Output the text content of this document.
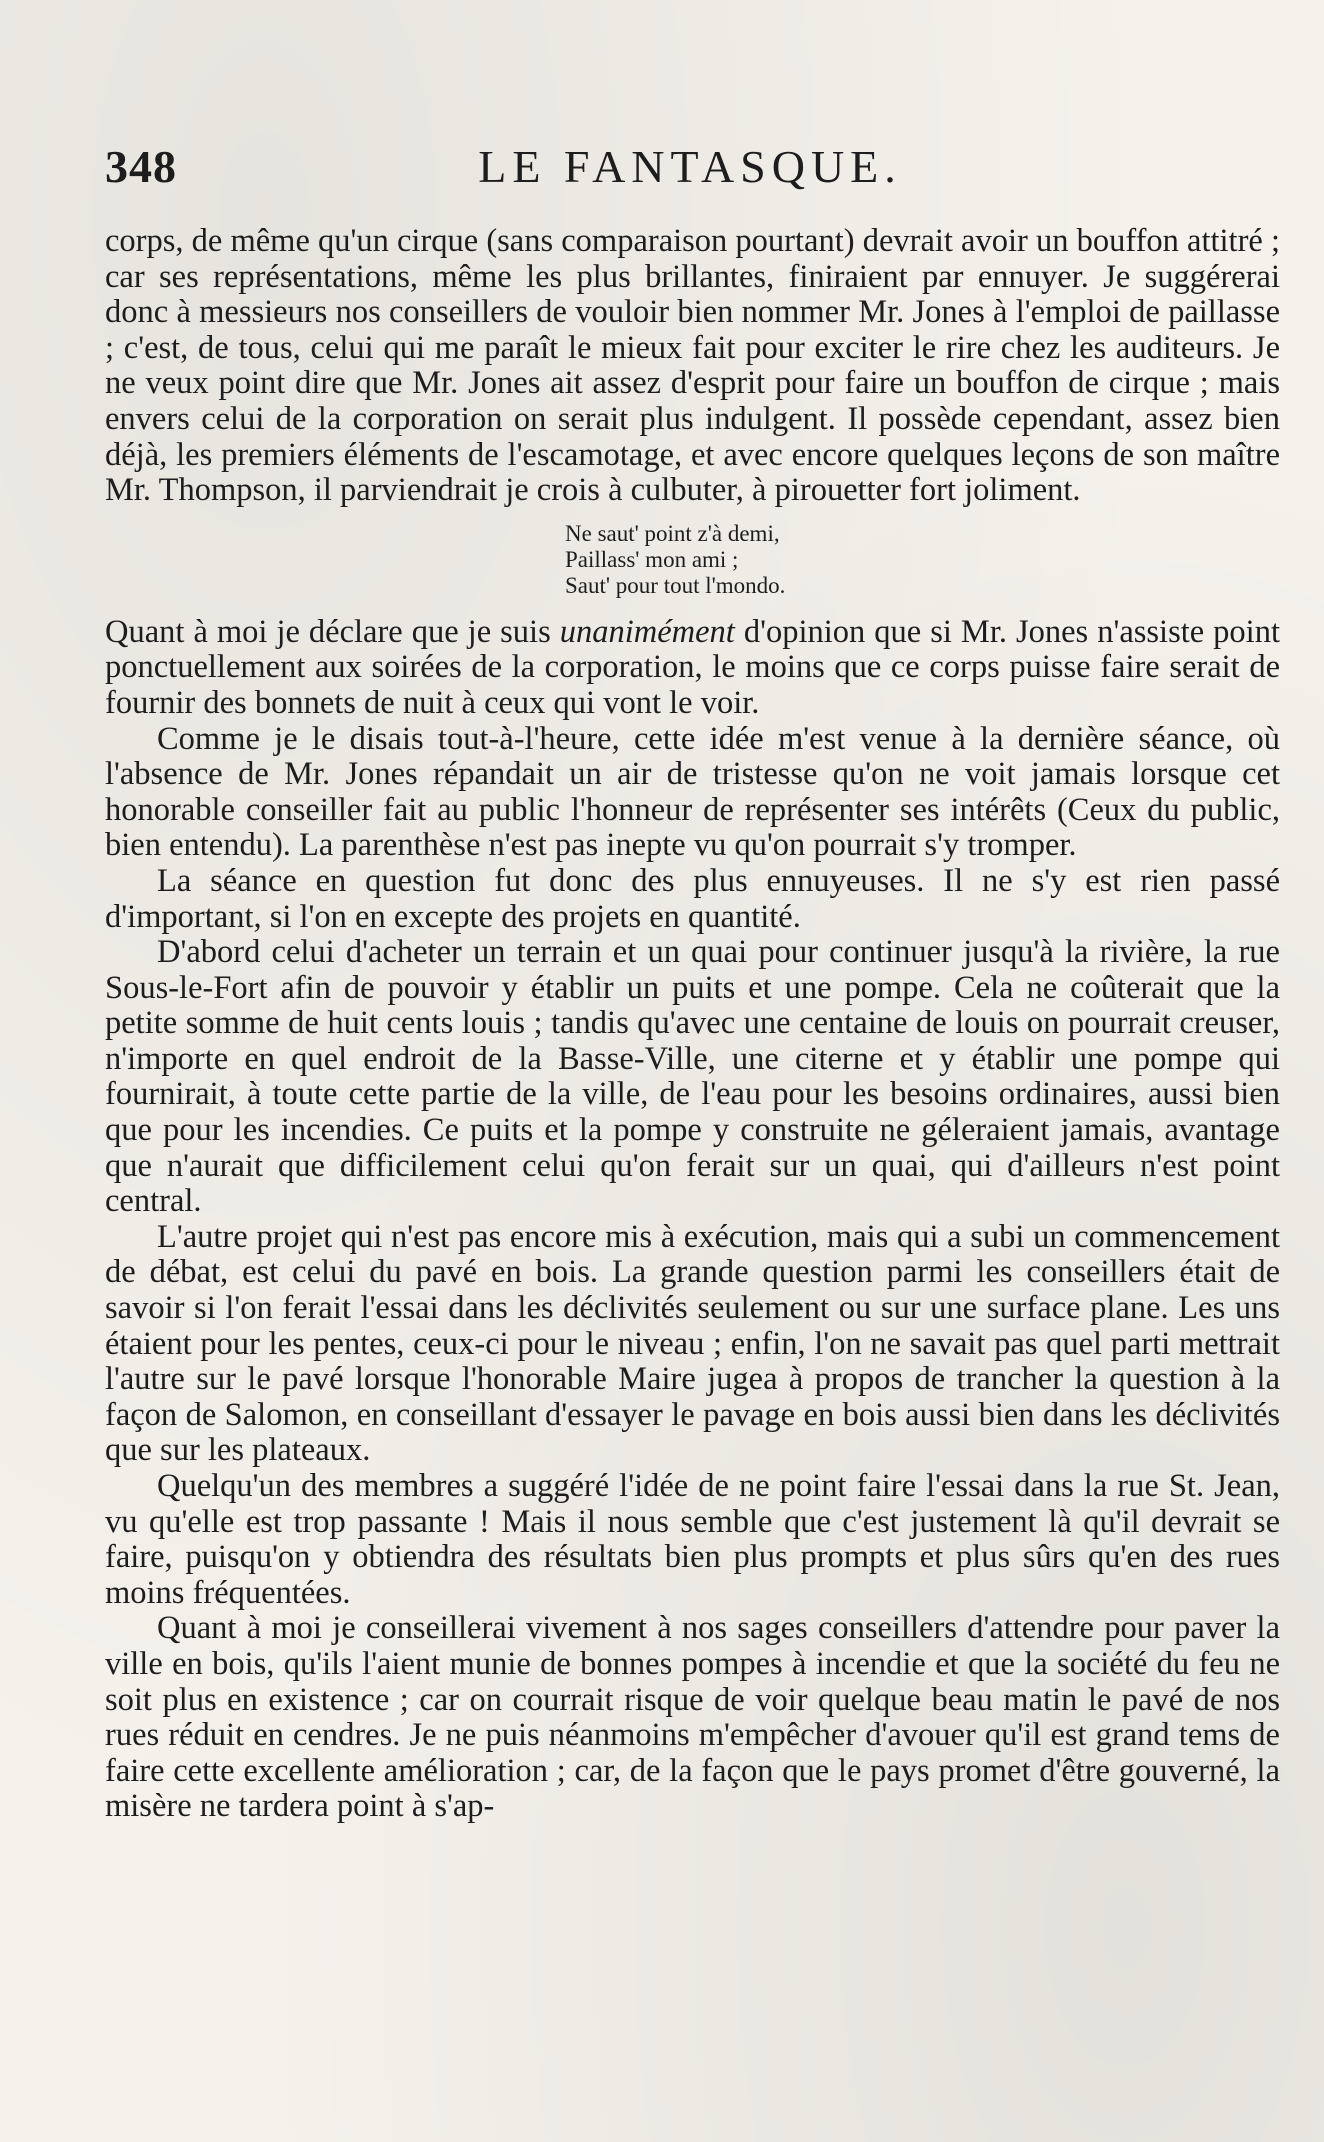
348	LE FANTASQUE.

corps, de même qu'un cirque (sans comparaison pourtant) devrait avoir un bouffon attitré ; car ses représentations, même les plus brillantes, finiraient par ennuyer. Je suggérerai donc à messieurs nos conseillers de vouloir bien nommer Mr. Jones à l'emploi de paillasse ; c'est, de tous, celui qui me paraît le mieux fait pour exciter le rire chez les auditeurs. Je ne veux point dire que Mr. Jones ait assez d'esprit pour faire un bouffon de cirque ; mais envers celui de la corporation on serait plus indulgent. Il possède cependant, assez bien déjà, les premiers éléments de l'escamotage, et avec encore quelques leçons de son maître Mr. Thompson, il parviendrait je crois à culbuter, à pirouetter fort joliment.

Ne saut' point z'à demi,
Paillass' mon ami ;
Saut' pour tout l'mondo.

Quant à moi je déclare que je suis unanimément d'opinion que si Mr. Jones n'assiste point ponctuellement aux soirées de la corporation, le moins que ce corps puisse faire serait de fournir des bonnets de nuit à ceux qui vont le voir.

Comme je le disais tout-à-l'heure, cette idée m'est venue à la dernière séance, où l'absence de Mr. Jones répandait un air de tristesse qu'on ne voit jamais lorsque cet honorable conseiller fait au public l'honneur de représenter ses intérêts (Ceux du public, bien entendu). La parenthèse n'est pas inepte vu qu'on pourrait s'y tromper.

La séance en question fut donc des plus ennuyeuses. Il ne s'y est rien passé d'important, si l'on en excepte des projets en quantité.

D'abord celui d'acheter un terrain et un quai pour continuer jusqu'à la rivière, la rue Sous-le-Fort afin de pouvoir y établir un puits et une pompe. Cela ne coûterait que la petite somme de huit cents louis ; tandis qu'avec une centaine de louis on pourrait creuser, n'importe en quel endroit de la Basse-Ville, une citerne et y établir une pompe qui fournirait, à toute cette partie de la ville, de l'eau pour les besoins ordinaires, aussi bien que pour les incendies. Ce puits et la pompe y construite ne géleraient jamais, avantage que n'aurait que difficilement celui qu'on ferait sur un quai, qui d'ailleurs n'est point central.

L'autre projet qui n'est pas encore mis à exécution, mais qui a subi un commencement de débat, est celui du pavé en bois. La grande question parmi les conseillers était de savoir si l'on ferait l'essai dans les déclivités seulement ou sur une surface plane. Les uns étaient pour les pentes, ceux-ci pour le niveau ; enfin, l'on ne savait pas quel parti mettrait l'autre sur le pavé lorsque l'honorable Maire jugea à propos de trancher la question à la façon de Salomon, en conseillant d'essayer le pavage en bois aussi bien dans les déclivités que sur les plateaux.

Quelqu'un des membres a suggéré l'idée de ne point faire l'essai dans la rue St. Jean, vu qu'elle est trop passante ! Mais il nous semble que c'est justement là qu'il devrait se faire, puisqu'on y obtiendra des résultats bien plus prompts et plus sûrs qu'en des rues moins fréquentées.

Quant à moi je conseillerai vivement à nos sages conseillers d'attendre pour paver la ville en bois, qu'ils l'aient munie de bonnes pompes à incendie et que la société du feu ne soit plus en existence ; car on courrait risque de voir quelque beau matin le pavé de nos rues réduit en cendres. Je ne puis néanmoins m'empêcher d'avouer qu'il est grand tems de faire cette excellente amélioration ; car, de la façon que le pays promet d'être gouverné, la misère ne tardera point à s'ap-
